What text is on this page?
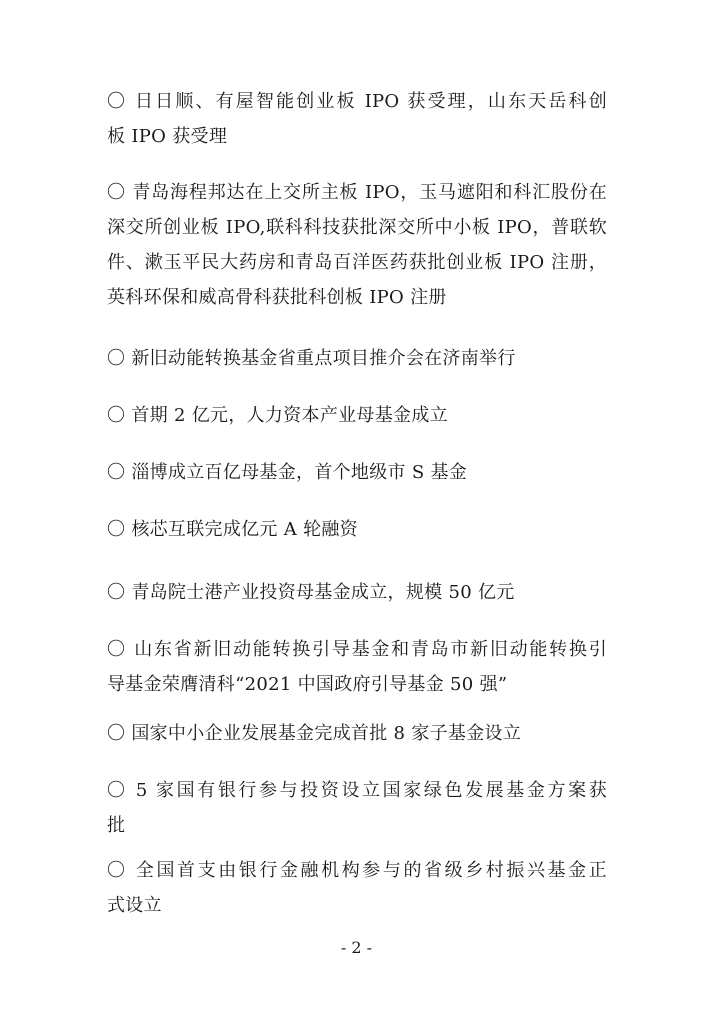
〇 日日顺、有屋智能创业板 IPO 获受理，山东天岳科创
板 IPO 获受理

〇 青岛海程邦达在上交所主板 IPO，玉马遮阳和科汇股份在
深交所创业板 IPO,联科科技获批深交所中小板 IPO，普联软
件、漱玉平民大药房和青岛百洋医药获批创业板 IPO 注册，
英科环保和威高骨科获批科创板 IPO 注册

〇 新旧动能转换基金省重点项目推介会在济南举行

〇 首期 2 亿元，人力资本产业母基金成立

〇 淄博成立百亿母基金，首个地级市 S 基金

〇 核芯互联完成亿元 A 轮融资

〇 青岛院士港产业投资母基金成立，规模 50 亿元

〇 山东省新旧动能转换引导基金和青岛市新旧动能转换引
导基金荣膺清科“2021 中国政府引导基金 50 强”

〇 国家中小企业发展基金完成首批 8 家子基金设立

〇 5 家国有银行参与投资设立国家绿色发展基金方案获
批

〇 全国首支由银行金融机构参与的省级乡村振兴基金正
式设立

- 2 -
